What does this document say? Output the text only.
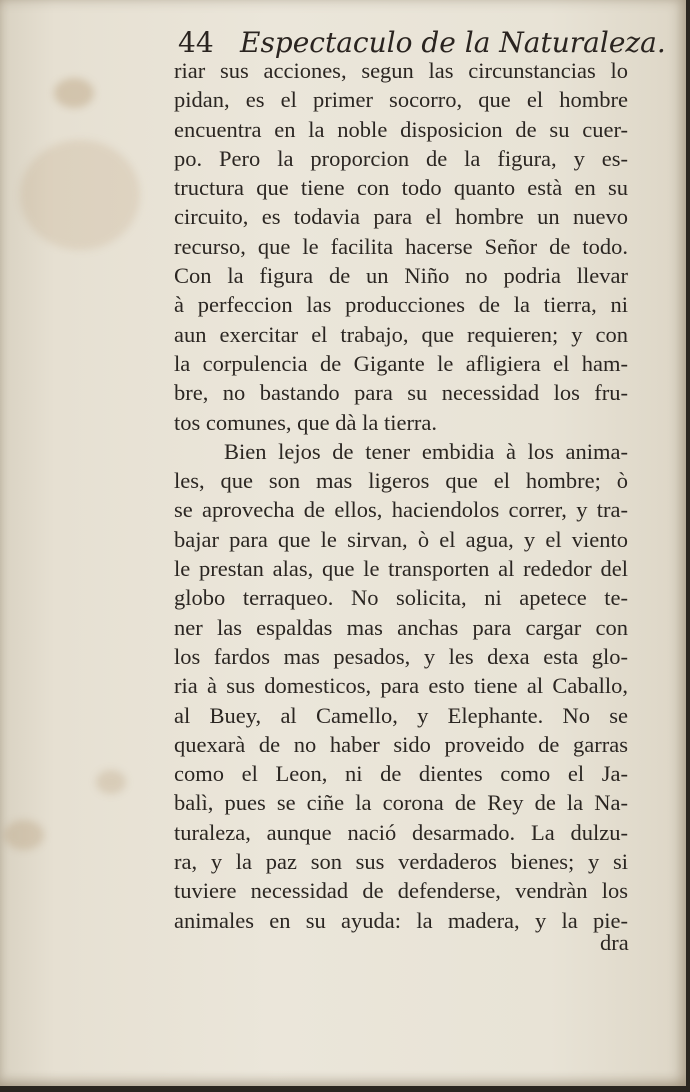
44 Espectaculo de la Naturaleza.
riar sus acciones, segun las circunstancias lo
pidan, es el primer socorro, que el hombre
encuentra en la noble disposicion de su cuer-
po. Pero la proporcion de la figura, y es-
tructura que tiene con todo quanto està en su
circuito, es todavia para el hombre un nuevo
recurso, que le facilita hacerse Señor de todo.
Con la figura de un Niño no podria llevar
à perfeccion las producciones de la tierra, ni
aun exercitar el trabajo, que requieren; y con
la corpulencia de Gigante le afligiera el ham-
bre, no bastando para su necessidad los fru-
tos comunes, que dà la tierra.
Bien lejos de tener embidia à los anima-
les, que son mas ligeros que el hombre; ò
se aprovecha de ellos, haciendolos correr, y tra-
bajar para que le sirvan, ò el agua, y el viento
le prestan alas, que le transporten al rededor del
globo terraqueo. No solicita, ni apetece te-
ner las espaldas mas anchas para cargar con
los fardos mas pesados, y les dexa esta glo-
ria à sus domesticos, para esto tiene al Caballo,
al Buey, al Camello, y Elephante. No se
quexarà de no haber sido proveido de garras
como el Leon, ni de dientes como el Ja-
balì, pues se ciñe la corona de Rey de la Na-
turaleza, aunque nació desarmado. La dulzu-
ra, y la paz son sus verdaderos bienes; y si
tuviere necessidad de defenderse, vendràn los
animales en su ayuda: la madera, y la pie-
dra
